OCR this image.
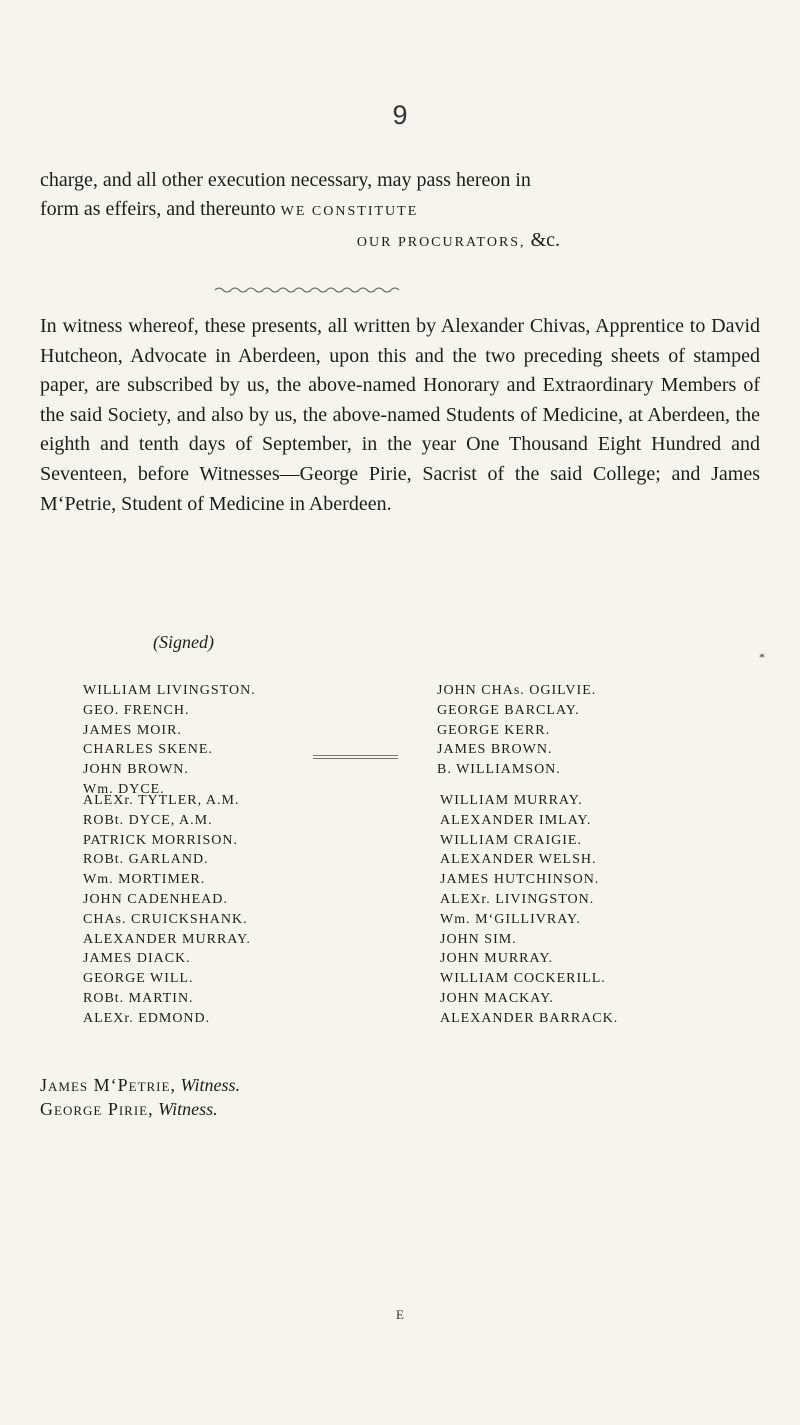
9

charge, and all other execution necessary, may pass hereon in

form as effeirs, and thereunto WE CONSTITUTE

OUR PROCURATORS, &c.

In witness whereof, these presents, all written by Alexander Chivas, Apprentice to David Hutcheon, Advocate in Aberdeen, upon this and the two preceding sheets of stamped paper, are subscribed by us, the above-named Honorary and Extraordinary Members of the said Society, and also by us, the above-named Students of Medicine, at Aberdeen, the eighth and tenth days of September, in the year One Thousand Eight Hundred and Seventeen, before Witnesses—George Pirie, Sacrist of the said College; and James M‘Petrie, Student of Medicine in Aberdeen.

(Signed)
WILLIAM LIVINGSTON.
GEO. FRENCH.
JAMES MOIR.
CHARLES SKENE.
JOHN BROWN.
Wm. DYCE.
JOHN CHAs. OGILVIE.
GEORGE BARCLAY.
GEORGE KERR.
JAMES BROWN.
B. WILLIAMSON.
ALEXr. TYTLER, A.M.
ROBt. DYCE, A.M.
PATRICK MORRISON.
ROBt. GARLAND.
Wm. MORTIMER.
JOHN CADENHEAD.
CHAs. CRUICKSHANK.
ALEXANDER MURRAY.
JAMES DIACK.
GEORGE WILL.
ROBt. MARTIN.
ALEXr. EDMOND.
WILLIAM MURRAY.
ALEXANDER IMLAY.
WILLIAM CRAIGIE.
ALEXANDER WELSH.
JAMES HUTCHINSON.
ALEXr. LIVINGSTON.
Wm. M‘GILLIVRAY.
JOHN SIM.
JOHN MURRAY.
WILLIAM COCKERILL.
JOHN MACKAY.
ALEXANDER BARRACK.
James M‘Petrie, Witness.
George Pirie, Witness.
*
E
